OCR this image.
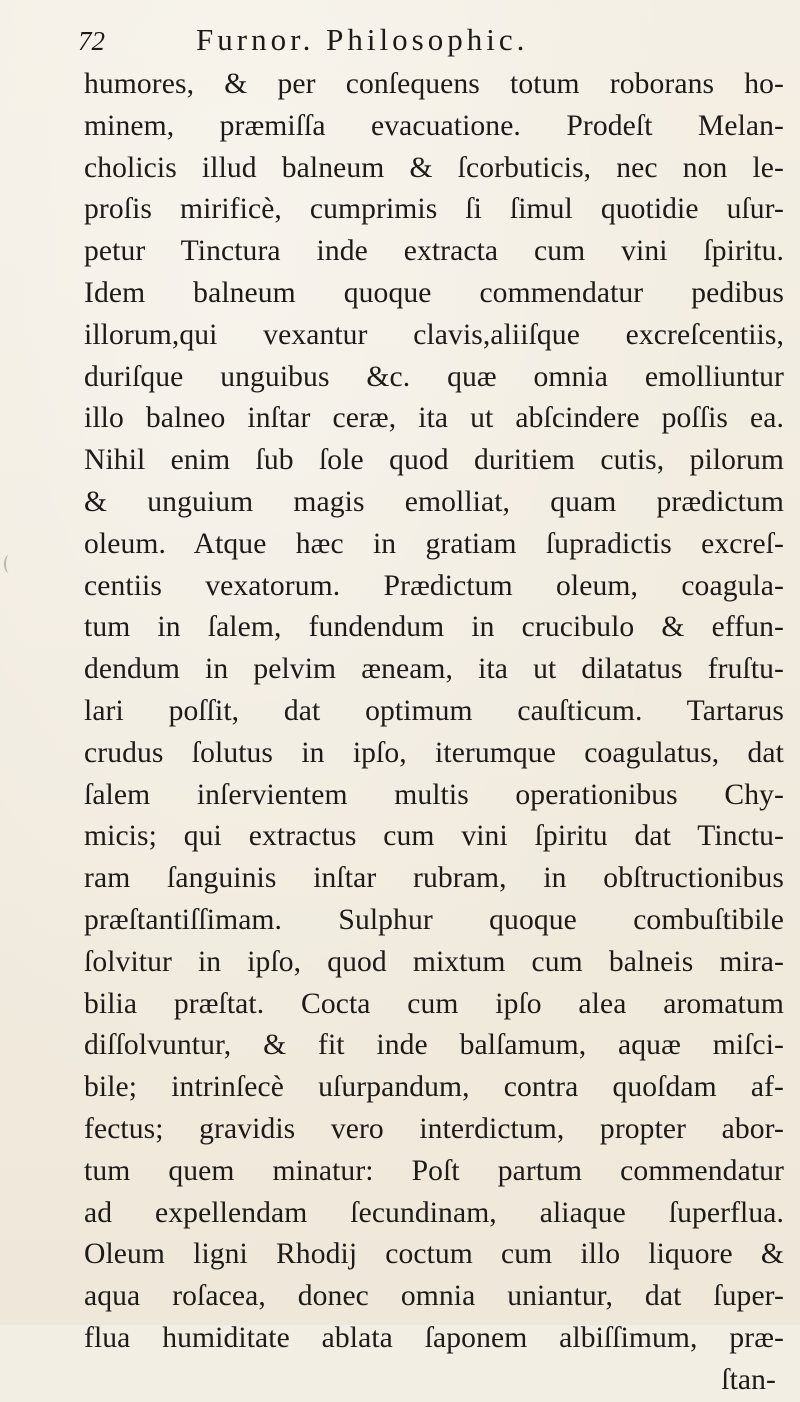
72	Furnor. Philosophic.
humores, & per conſequens totum roborans ho-
minem, præmiſſa evacuatione. Prodeſt Melan-
cholicis illud balneum & ſcorbuticis, nec non le-
proſis mirificè, cumprimis ſi ſimul quotidie uſur-
petur Tinctura inde extracta cum vini ſpiritu.
Idem balneum quoque commendatur pedibus
illorum,qui vexantur clavis,aliiſque excreſcentiis,
duriſque unguibus &c. quæ omnia emolliuntur
illo balneo inſtar ceræ, ita ut abſcindere poſſis ea.
Nihil enim ſub ſole quod duritiem cutis, pilorum
& unguium magis emolliat, quam prædictum
oleum. Atque hæc in gratiam ſupradictis excreſ-
centiis vexatorum. Prædictum oleum, coagula-
tum in ſalem, fundendum in crucibulo & effun-
dendum in pelvim æneam, ita ut dilatatus fruſtu-
lari poſſit, dat optimum cauſticum. Tartarus
crudus ſolutus in ipſo, iterumque coagulatus, dat
ſalem inſervientem multis operationibus Chy-
micis; qui extractus cum vini ſpiritu dat Tinctu-
ram ſanguinis inſtar rubram, in obſtructionibus
præſtantiſſimam. Sulphur quoque combuſtibile
ſolvitur in ipſo, quod mixtum cum balneis mira-
bilia præſtat. Cocta cum ipſo alea aromatum
diſſolvuntur, & fit inde balſamum, aquæ miſci-
bile; intrinſecè uſurpandum, contra quoſdam af-
fectus; gravidis vero interdictum, propter abor-
tum quem minatur: Poſt partum commendatur
ad expellendam ſecundinam, aliaque ſuperflua.
Oleum ligni Rhodij coctum cum illo liquore &
aqua roſacea, donec omnia uniantur, dat ſuper-
flua humiditate ablata ſaponem albiſſimum, præ-
ſtan-
